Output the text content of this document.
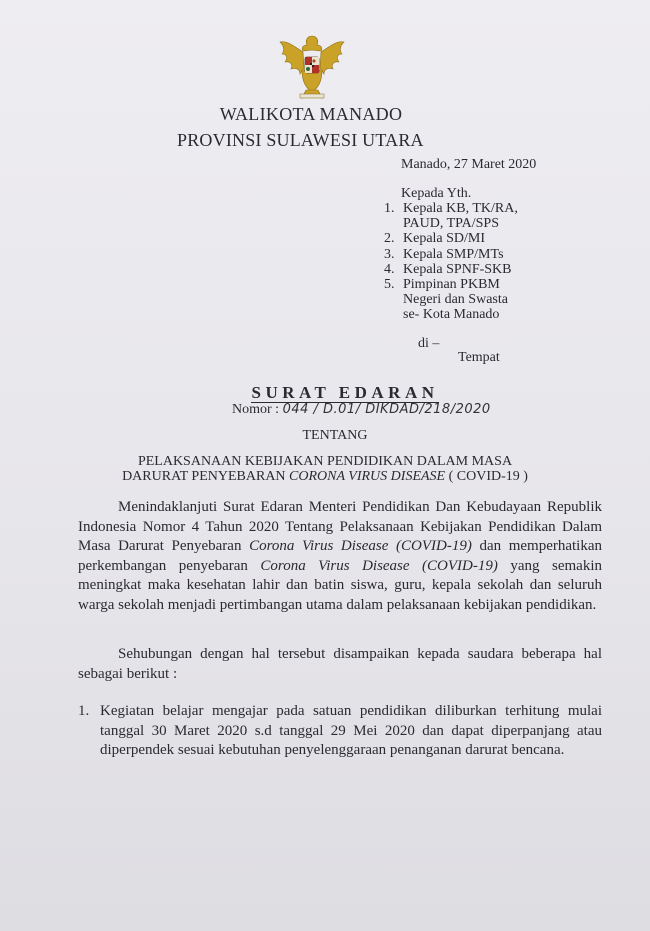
WALIKOTA MANADO
PROVINSI SULAWESI UTARA
Manado, 27 Maret 2020
Kepada Yth.
1. Kepala KB, TK/RA,
PAUD, TPA/SPS
2. Kepala SD/MI
3. Kepala SMP/MTs
4. Kepala SPNF-SKB
5. Pimpinan PKBM
Negeri dan Swasta
se- Kota Manado
di –
Tempat
SURAT EDARAN
Nomor : 044 / D.01/ DIKDAD/218/2020
TENTANG
PELAKSANAAN KEBIJAKAN PENDIDIKAN DALAM MASA
DARURAT PENYEBARAN CORONA VIRUS DISEASE ( COVID-19 )
Menindaklanjuti Surat Edaran Menteri Pendidikan Dan Kebudayaan Republik Indonesia Nomor 4 Tahun 2020 Tentang Pelaksanaan Kebijakan Pendidikan Dalam Masa Darurat Penyebaran Corona Virus Disease (COVID-19) dan memperhatikan perkembangan penyebaran Corona Virus Disease (COVID-19) yang semakin meningkat maka kesehatan lahir dan batin siswa, guru, kepala sekolah dan seluruh warga sekolah menjadi pertimbangan utama dalam pelaksanaan kebijakan pendidikan.
Sehubungan dengan hal tersebut disampaikan kepada saudara beberapa hal sebagai berikut :
1. Kegiatan belajar mengajar pada satuan pendidikan diliburkan terhitung mulai tanggal 30 Maret 2020 s.d tanggal 29 Mei 2020 dan dapat diperpanjang atau diperpendek sesuai kebutuhan penyelenggaraan penanganan darurat bencana.
